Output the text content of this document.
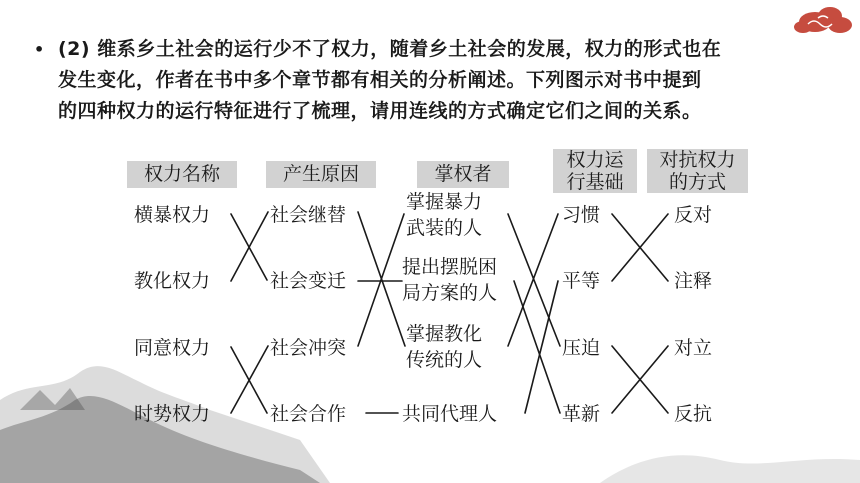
• (2) 维系乡土社会的运行少不了权力，随着乡土社会的发展，权力的形式也在
发生变化，作者在书中多个章节都有相关的分析阐述。下列图示对书中提到
的四种权力的运行特征进行了梳理，请用连线的方式确定它们之间的关系。
权力名称	产生原因	掌权者
权力运
行基础
对抗权力
的方式
横暴权力
教化权力
同意权力
时势权力
社会继替
社会变迁
社会冲突
社会合作
掌握暴力
武装的人
提出摆脱困
局方案的人
掌握教化
传统的人
共同代理人
习惯
平等
压迫
革新
反对
注释
对立
反抗
